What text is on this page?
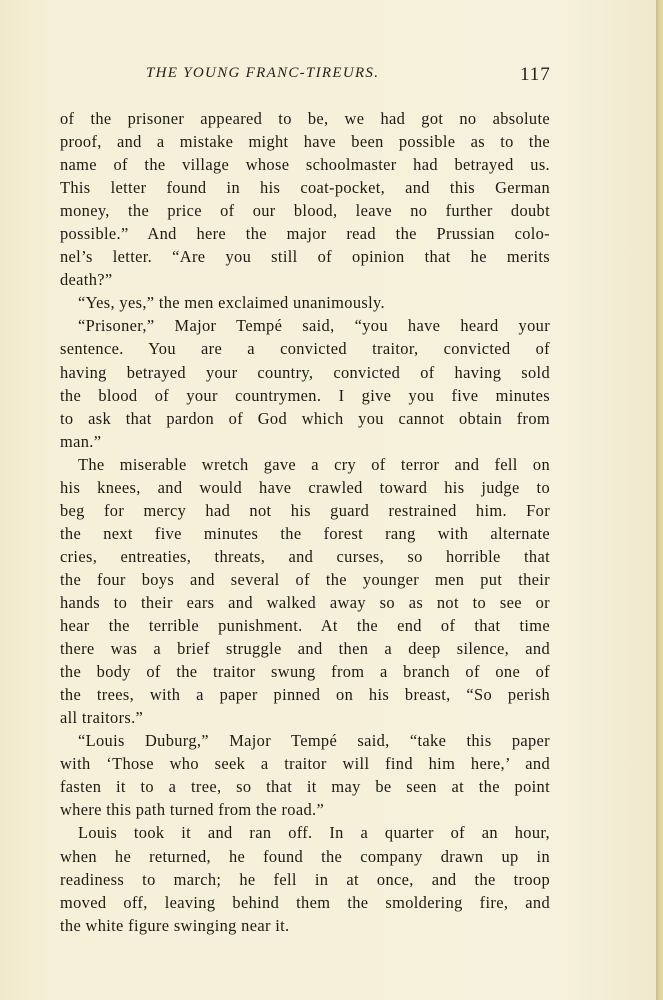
THE YOUNG FRANC-TIREURS.	117
of the prisoner appeared to be, we had got no absolute
proof, and a mistake might have been possible as to the
name of the village whose schoolmaster had betrayed us.
This letter found in his coat-pocket, and this German
money, the price of our blood, leave no further doubt
possible.” And here the major read the Prussian colo-
nel’s letter. “Are you still of opinion that he merits
death?”
“Yes, yes,” the men exclaimed unanimously.
“Prisoner,” Major Tempé said, “you have heard your
sentence. You are a convicted traitor, convicted of
having betrayed your country, convicted of having sold
the blood of your countrymen. I give you five minutes
to ask that pardon of God which you cannot obtain from
man.”
The miserable wretch gave a cry of terror and fell on
his knees, and would have crawled toward his judge to
beg for mercy had not his guard restrained him. For
the next five minutes the forest rang with alternate
cries, entreaties, threats, and curses, so horrible that
the four boys and several of the younger men put their
hands to their ears and walked away so as not to see or
hear the terrible punishment. At the end of that time
there was a brief struggle and then a deep silence, and
the body of the traitor swung from a branch of one of
the trees, with a paper pinned on his breast, “So perish
all traitors.”
“Louis Duburg,” Major Tempé said, “take this paper
with ‘Those who seek a traitor will find him here,’ and
fasten it to a tree, so that it may be seen at the point
where this path turned from the road.”
Louis took it and ran off. In a quarter of an hour,
when he returned, he found the company drawn up in
readiness to march; he fell in at once, and the troop
moved off, leaving behind them the smoldering fire, and
the white figure swinging near it.
